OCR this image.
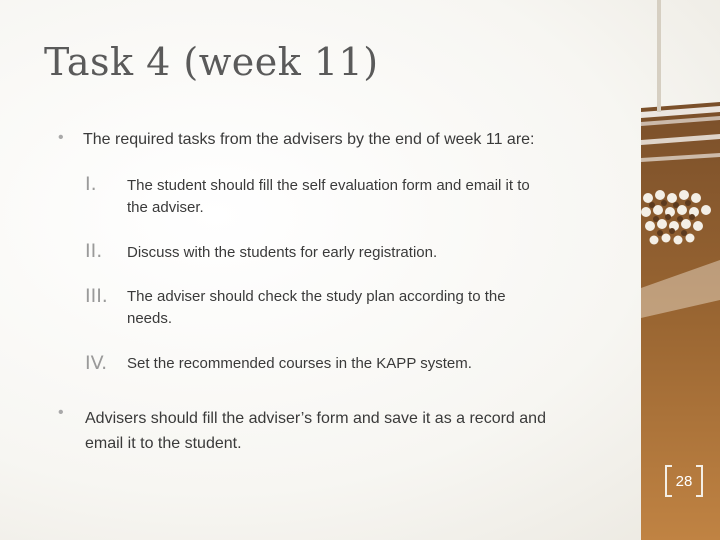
Task 4 (week 11)
• The required tasks from the advisers by the end of week 11 are:
I. The student should fill the self evaluation form and email it to
the adviser.
II. Discuss with the students for early registration.
III. The adviser should check the study plan according to the
needs.
IV. Set the recommended courses in the KAPP system.
• Advisers should fill the adviser’s form and save it as a record and
email it to the student.
28
